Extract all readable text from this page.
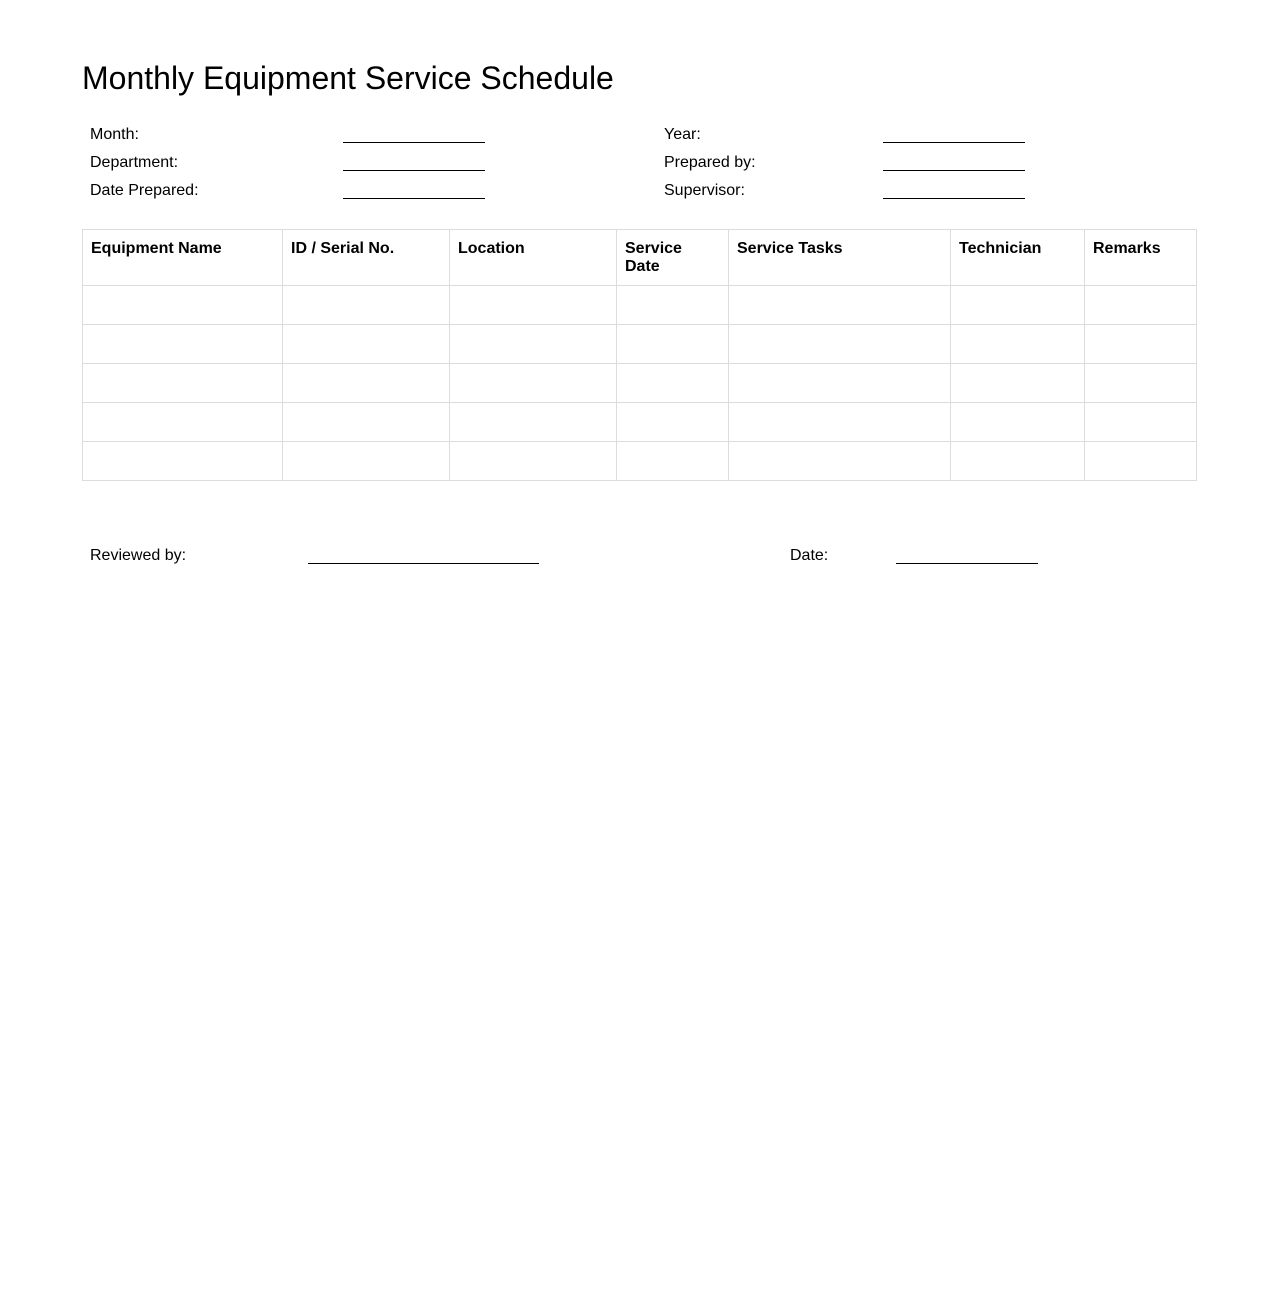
Monthly Equipment Service Schedule
Month:
Department:
Date Prepared:
Year:
Prepared by:
Supervisor:
Equipment Name	ID / Serial No.	Location	Service Date	Service Tasks	Technician	Remarks

Reviewed by:	Date:
